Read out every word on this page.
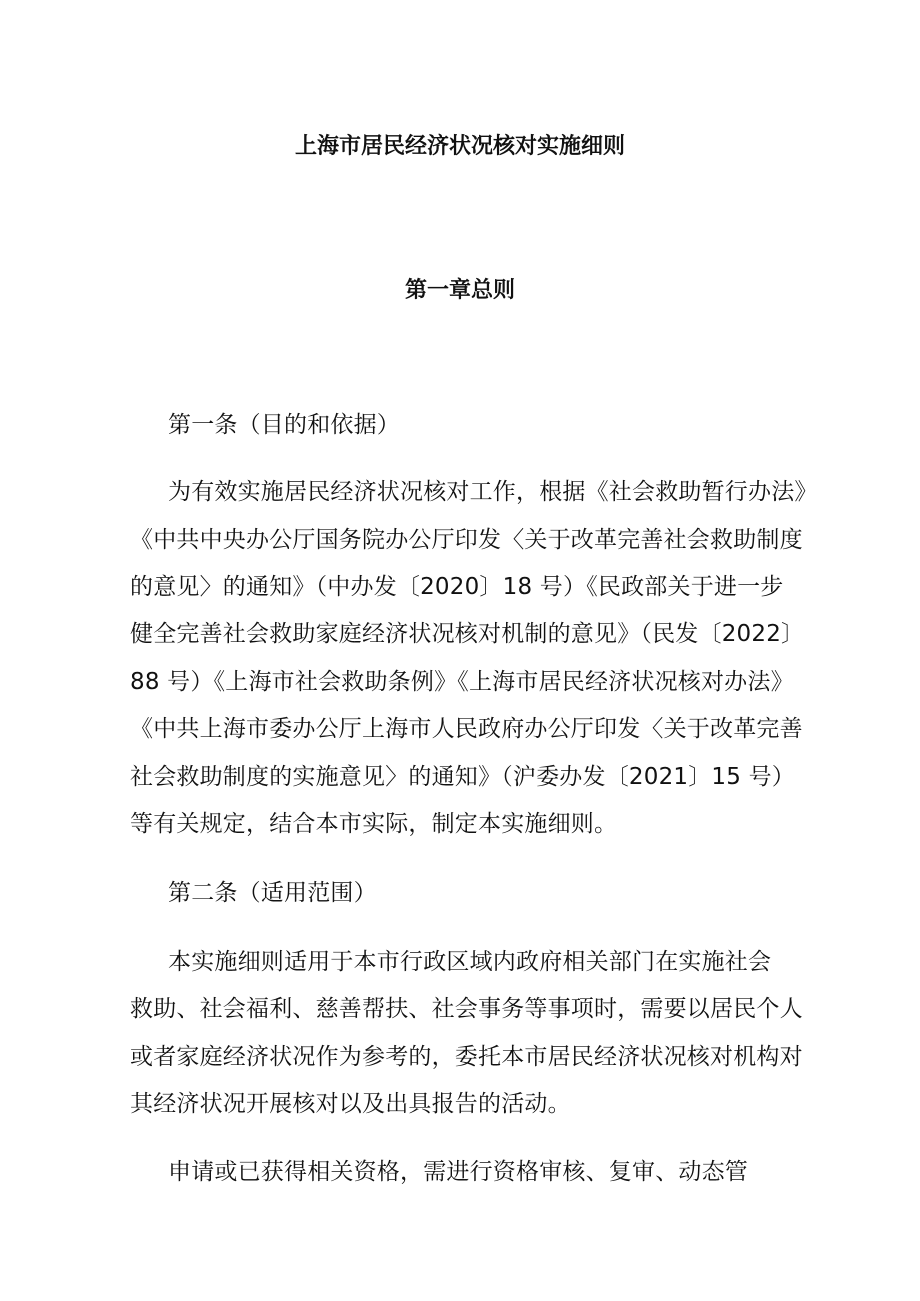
上海市居民经济状况核对实施细则
第一章总则
第一条（目的和依据）
为有效实施居民经济状况核对工作，根据《社会救助暂行办法》
《中共中央办公厅国务院办公厅印发〈关于改革完善社会救助制度
的意见〉的通知》（中办发〔2020〕18 号）《民政部关于进一步
健全完善社会救助家庭经济状况核对机制的意见》（民发〔2022〕
88 号）《上海市社会救助条例》《上海市居民经济状况核对办法》
《中共上海市委办公厅上海市人民政府办公厅印发〈关于改革完善
社会救助制度的实施意见〉的通知》（沪委办发〔2021〕15 号）
等有关规定，结合本市实际，制定本实施细则。
第二条（适用范围）
本实施细则适用于本市行政区域内政府相关部门在实施社会
救助、社会福利、慈善帮扶、社会事务等事项时，需要以居民个人
或者家庭经济状况作为参考的，委托本市居民经济状况核对机构对
其经济状况开展核对以及出具报告的活动。
申请或已获得相关资格，需进行资格审核、复审、动态管
